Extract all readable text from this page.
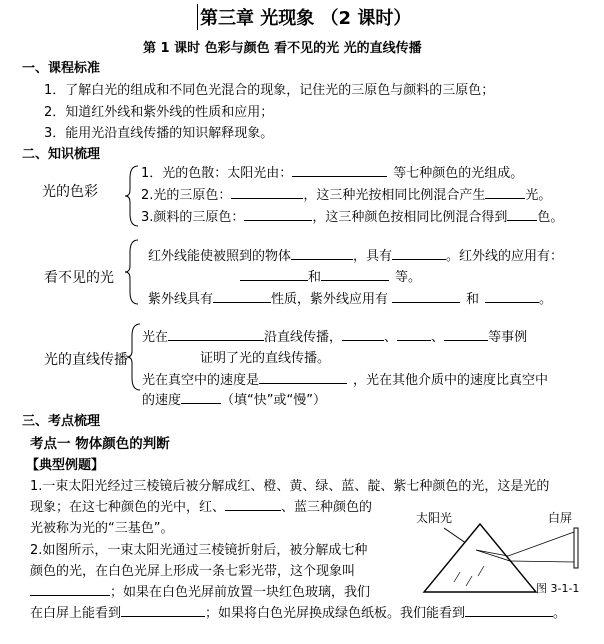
第三章 光现象 （2 课时）
第 1 课时 色彩与颜色 看不见的光 光的直线传播
一、课程标准
1．了解白光的组成和不同色光混合的现象，记住光的三原色与颜料的三原色；
2．知道红外线和紫外线的性质和应用；
3．能用光沿直线传播的知识解释现象。
二、知识梳理
光的色彩
1．光的色散：太阳光由：	等七种颜色的光组成。
2.光的三原色：	，这三种光按相同比例混合产生	光。
3.颜料的三原色：	，这三种颜色按相同比例混合得到 色。
看不见的光
红外线能使被照到的物体	，具有	。红外线的应用有：
和	等。
紫外线具有	性质，紫外线应用有	和	。
光的直线传播
光在	沿直线传播，	、	、	等事例
证明了光的直线传播。
光在真空中的速度是	，光在其他介质中的速度比真空中
的速度	（填“快”或“慢”）
三、考点梳理
考点一 物体颜色的判断
【典型例题】
1.一束太阳光经过三棱镜后被分解成红、橙、黄、绿、蓝、靛、紫七种颜色的光，这是光的
现象；在这七种颜色的光中，红、	、蓝三种颜色的
光被称为光的“三基色”。
2.如图所示，一束太阳光通过三棱镜折射后，被分解成七种
颜色的光，在白色光屏上形成一条七彩光带，这个现象叫
；如果在白色光屏前放置一块红色玻璃，我们
在白屏上能看到	；如果将白色光屏换成绿色纸板。我们能看到	。
太阳光	白屏
图 3-1-1
